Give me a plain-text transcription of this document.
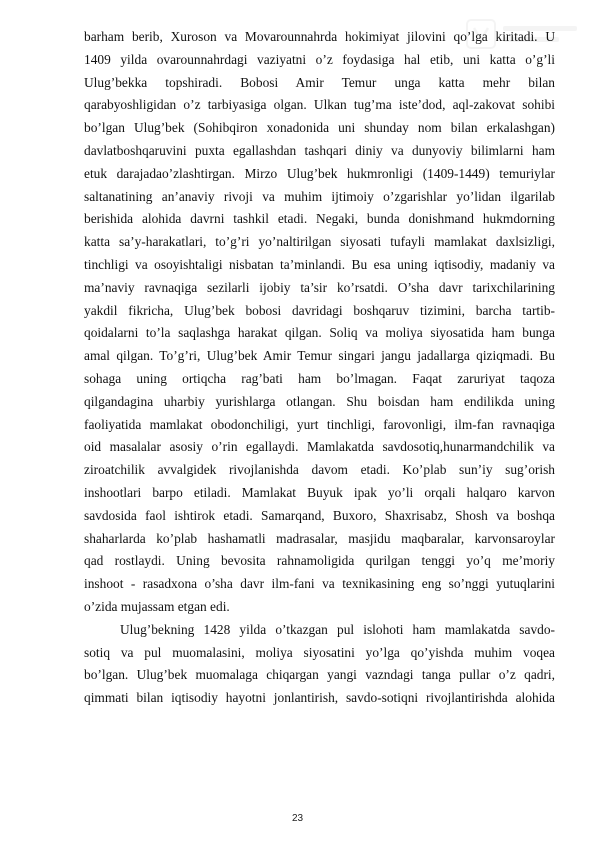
barham berib, Xuroson va Movarounnahrda hokimiyat jilovini qo’lga kiritadi. U
1409 yilda ovarounnahrdagi vaziyatni o’z foydasiga hal etib, uni katta o’g’li
Ulug’bekka topshiradi. Bobosi Amir Temur unga katta mehr bilan
qarabyoshligidan o’z tarbiyasiga olgan. Ulkan tug’ma iste’dod, aql-zakovat sohibi
bo’lgan Ulug’bek (Sohibqiron xonadonida uni shunday nom bilan erkalashgan)
davlatboshqaruvini puxta egallashdan tashqari diniy va dunyoviy bilimlarni ham
etuk darajadao’zlashtirgan. Mirzo Ulug’bek hukmronligi (1409-1449) temuriylar
saltanatining an’anaviy rivoji va muhim ijtimoiy o’zgarishlar yo’lidan ilgarilab
berishida alohida davrni tashkil etadi. Negaki, bunda donishmand hukmdorning
katta sa’y-harakatlari, to’g’ri yo’naltirilgan siyosati tufayli mamlakat daxlsizligi,
tinchligi va osoyishtaligi nisbatan ta’minlandi. Bu esa uning iqtisodiy, madaniy va
ma’naviy ravnaqiga sezilarli ijobiy ta’sir ko’rsatdi. O’sha davr tarixchilarining
yakdil fikricha, Ulug’bek bobosi davridagi boshqaruv tizimini, barcha tartib-
qoidalarni to’la saqlashga harakat qilgan. Soliq va moliya siyosatida ham bunga
amal qilgan. To’g’ri, Ulug’bek Amir Temur singari jangu jadallarga qiziqmadi. Bu
sohaga uning ortiqcha rag’bati ham bo’lmagan. Faqat zaruriyat taqoza
qilgandagina uharbiy yurishlarga otlangan. Shu boisdan ham endilikda uning
faoliyatida mamlakat obodonchiligi, yurt tinchligi, farovonligi, ilm-fan ravnaqiga
oid masalalar asosiy o’rin egallaydi. Mamlakatda savdosotiq,hunarmandchilik va
ziroatchilik avvalgidek rivojlanishda davom etadi. Ko’plab sun’iy sug’orish
inshootlari barpo etiladi. Mamlakat Buyuk ipak yo’li orqali halqaro karvon
savdosida faol ishtirok etadi. Samarqand, Buxoro, Shaxrisabz, Shosh va boshqa
shaharlarda ko’plab hashamatli madrasalar, masjidu maqbaralar, karvonsaroylar
qad rostlaydi. Uning bevosita rahnamoligida qurilgan tenggi yo’q me’moriy
inshoot - rasadxona o’sha davr ilm-fani va texnikasining eng so’nggi yutuqlarini
o’zida mujassam etgan edi.
Ulug’bekning 1428 yilda o’tkazgan pul islohoti ham mamlakatda savdo-
sotiq va pul muomalasini, moliya siyosatini yo’lga qo’yishda muhim voqea
bo’lgan. Ulug’bek muomalaga chiqargan yangi vazndagi tanga pullar o’z qadri,
qimmati bilan iqtisodiy hayotni jonlantirish, savdo-sotiqni rivojlantirishda alohida
23
